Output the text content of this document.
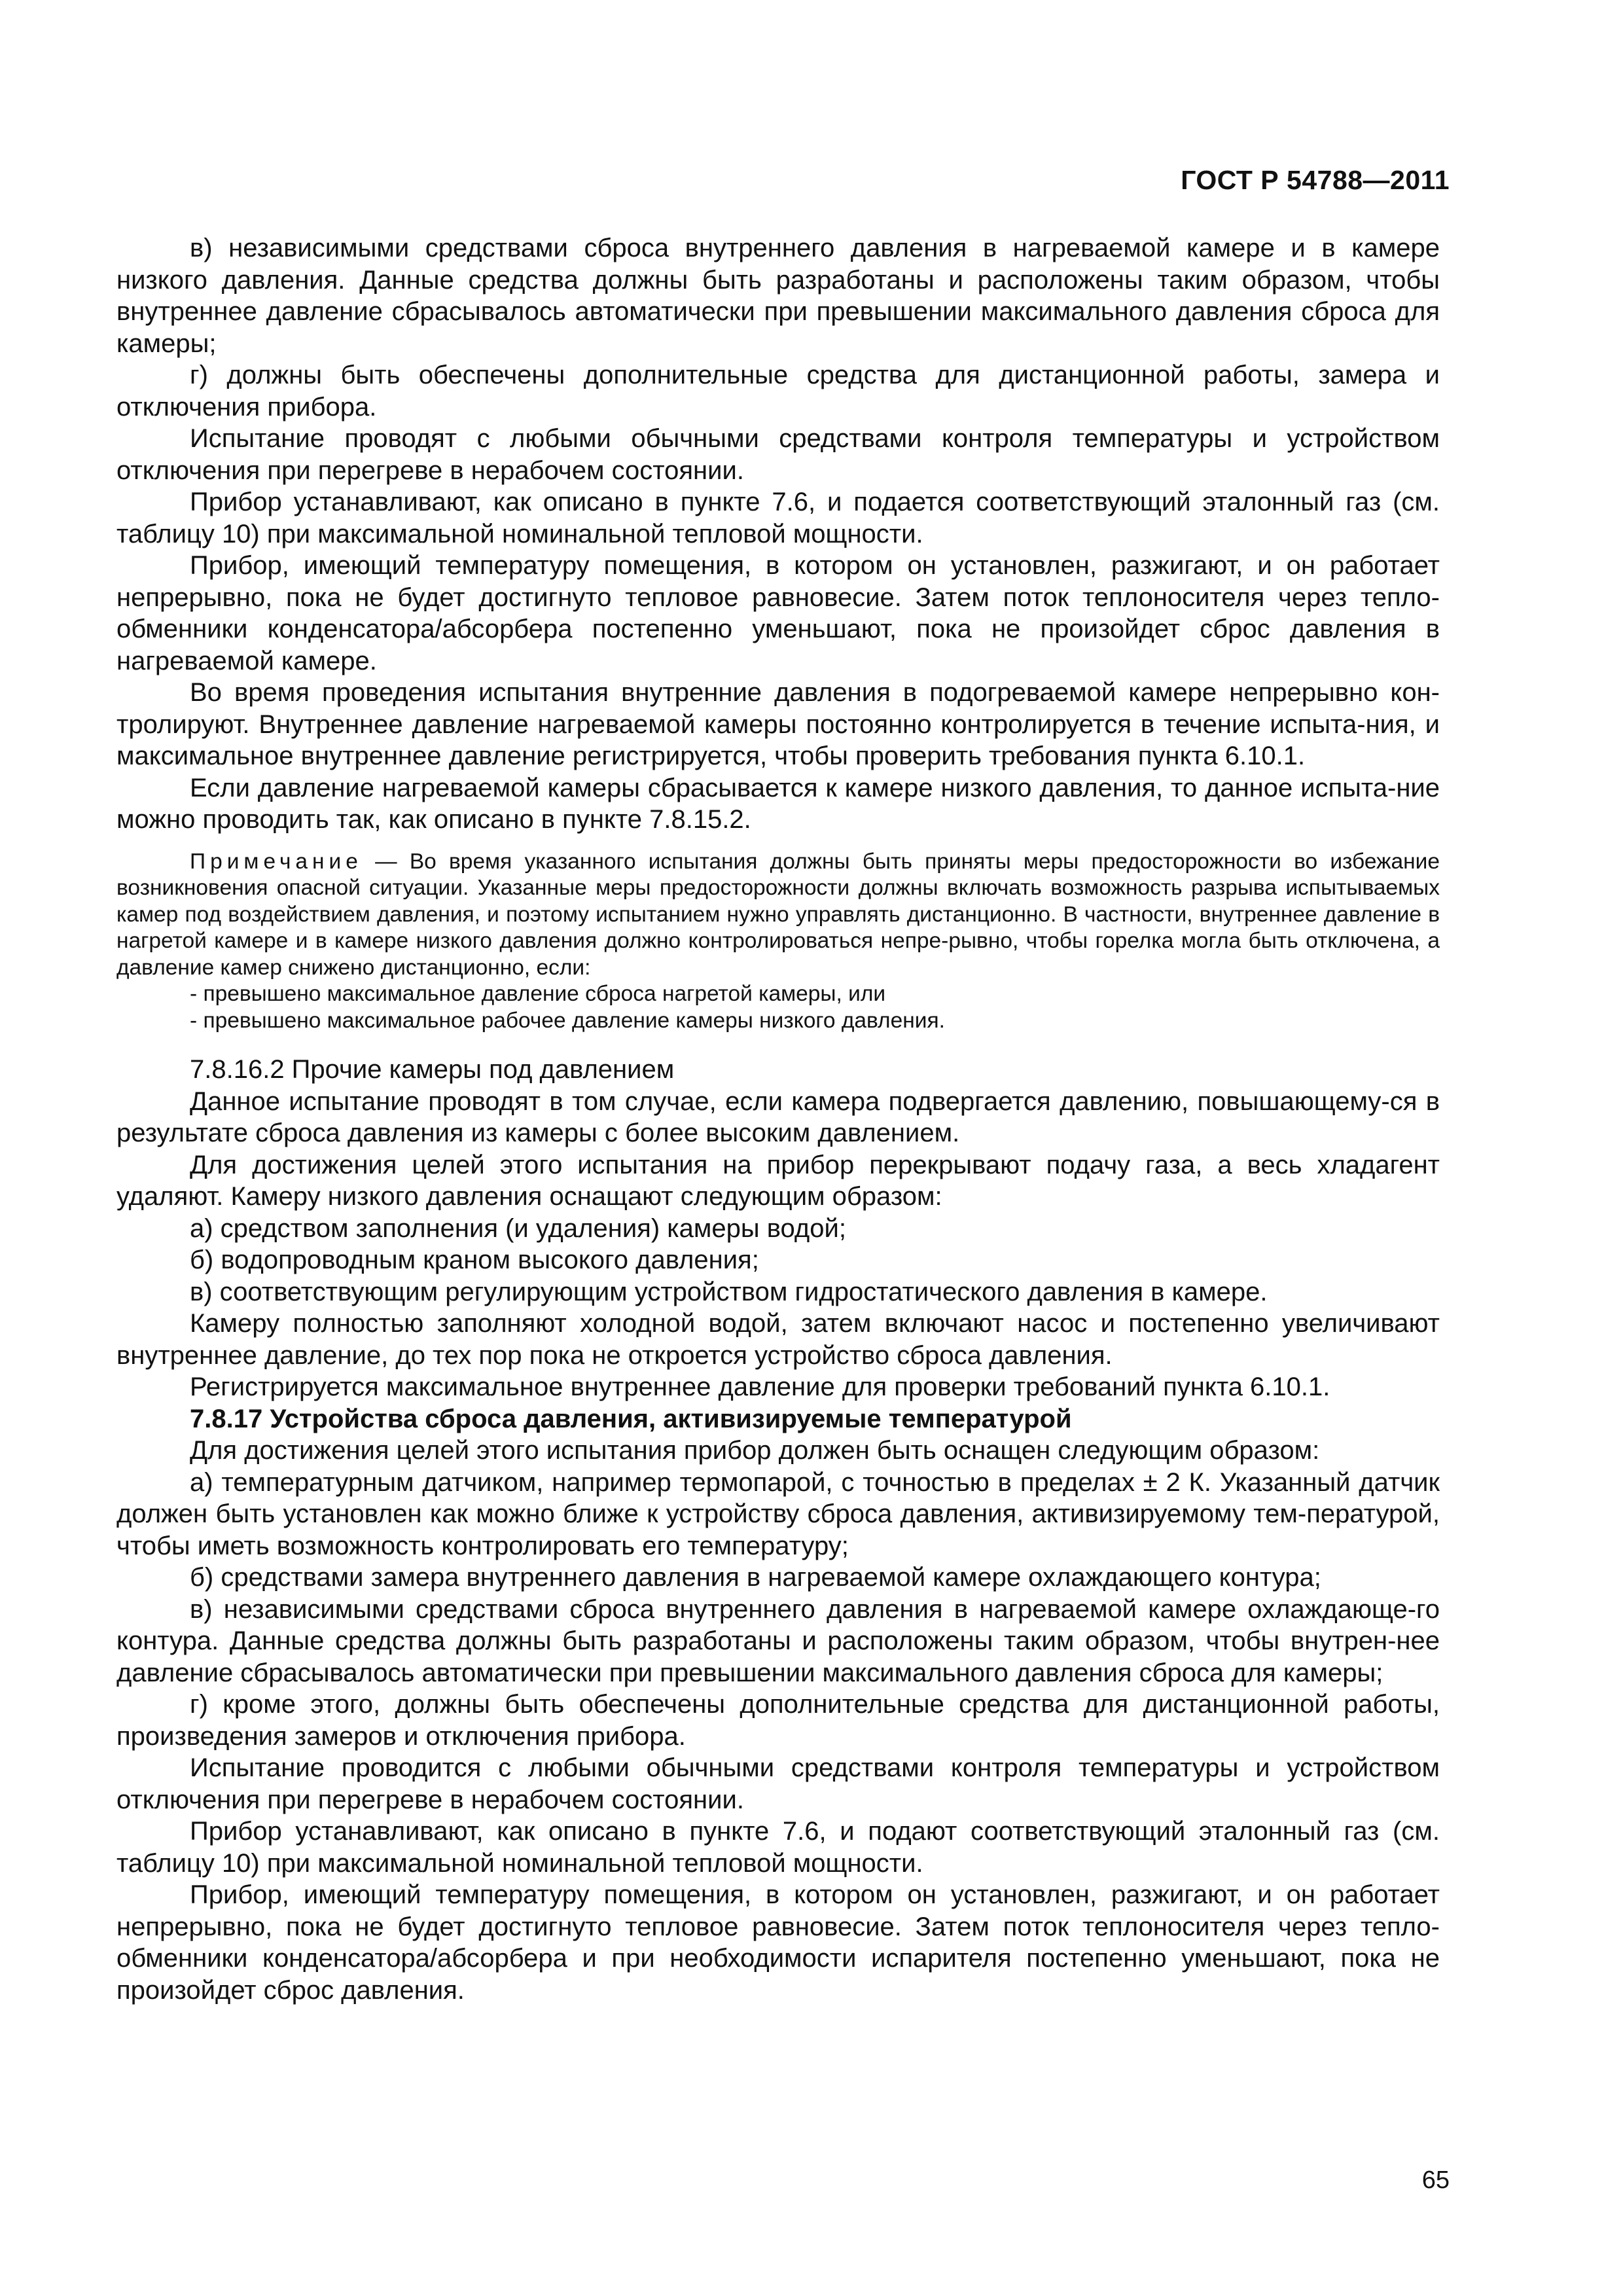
ГОСТ Р 54788—2011

в) независимыми средствами сброса внутреннего давления в нагреваемой камере и в камере низкого давления. Данные средства должны быть разработаны и расположены таким образом, чтобы внутреннее давление сбрасывалось автоматически при превышении максимального давления сброса для камеры;

г) должны быть обеспечены дополнительные средства для дистанционной работы, замера и отключения прибора.

Испытание проводят с любыми обычными средствами контроля температуры и устройством отключения при перегреве в нерабочем состоянии.

Прибор устанавливают, как описано в пункте 7.6, и подается соответствующий эталонный газ (см. таблицу 10) при максимальной номинальной тепловой мощности.

Прибор, имеющий температуру помещения, в котором он установлен, разжигают, и он работает непрерывно, пока не будет достигнуто тепловое равновесие. Затем поток теплоносителя через тепло-обменники конденсатора/абсорбера постепенно уменьшают, пока не произойдет сброс давления в нагреваемой камере.

Во время проведения испытания внутренние давления в подогреваемой камере непрерывно кон-тролируют. Внутреннее давление нагреваемой камеры постоянно контролируется в течение испыта-ния, и максимальное внутреннее давление регистрируется, чтобы проверить требования пункта 6.10.1.

Если давление нагреваемой камеры сбрасывается к камере низкого давления, то данное испыта-ние можно проводить так, как описано в пункте 7.8.15.2.

Примечание — Во время указанного испытания должны быть приняты меры предосторожности во избежание возникновения опасной ситуации. Указанные меры предосторожности должны включать возможность разрыва испытываемых камер под воздействием давления, и поэтому испытанием нужно управлять дистанционно. В частности, внутреннее давление в нагретой камере и в камере низкого давления должно контролироваться непре-рывно, чтобы горелка могла быть отключена, а давление камер снижено дистанционно, если:

- превышено максимальное давление сброса нагретой камеры, или

- превышено максимальное рабочее давление камеры низкого давления.

7.8.16.2 Прочие камеры под давлением

Данное испытание проводят в том случае, если камера подвергается давлению, повышающему-ся в результате сброса давления из камеры с более высоким давлением.

Для достижения целей этого испытания на прибор перекрывают подачу газа, а весь хладагент удаляют. Камеру низкого давления оснащают следующим образом:

а) средством заполнения (и удаления) камеры водой;

б) водопроводным краном высокого давления;

в) соответствующим регулирующим устройством гидростатического давления в камере.

Камеру полностью заполняют холодной водой, затем включают насос и постепенно увеличивают внутреннее давление, до тех пор пока не откроется устройство сброса давления.

Регистрируется максимальное внутреннее давление для проверки требований пункта 6.10.1.

7.8.17 Устройства сброса давления, активизируемые температурой

Для достижения целей этого испытания прибор должен быть оснащен следующим образом:

а) температурным датчиком, например термопарой, с точностью в пределах ± 2 К. Указанный датчик должен быть установлен как можно ближе к устройству сброса давления, активизируемому тем-пературой, чтобы иметь возможность контролировать его температуру;

б) средствами замера внутреннего давления в нагреваемой камере охлаждающего контура;

в) независимыми средствами сброса внутреннего давления в нагреваемой камере охлаждающе-го контура. Данные средства должны быть разработаны и расположены таким образом, чтобы внутрен-нее давление сбрасывалось автоматически при превышении максимального давления сброса для камеры;

г) кроме этого, должны быть обеспечены дополнительные средства для дистанционной работы, произведения замеров и отключения прибора.

Испытание проводится с любыми обычными средствами контроля температуры и устройством отключения при перегреве в нерабочем состоянии.

Прибор устанавливают, как описано в пункте 7.6, и подают соответствующий эталонный газ (см. таблицу 10) при максимальной номинальной тепловой мощности.

Прибор, имеющий температуру помещения, в котором он установлен, разжигают, и он работает непрерывно, пока не будет достигнуто тепловое равновесие. Затем поток теплоносителя через тепло-обменники конденсатора/абсорбера и при необходимости испарителя постепенно уменьшают, пока не произойдет сброс давления.

65
